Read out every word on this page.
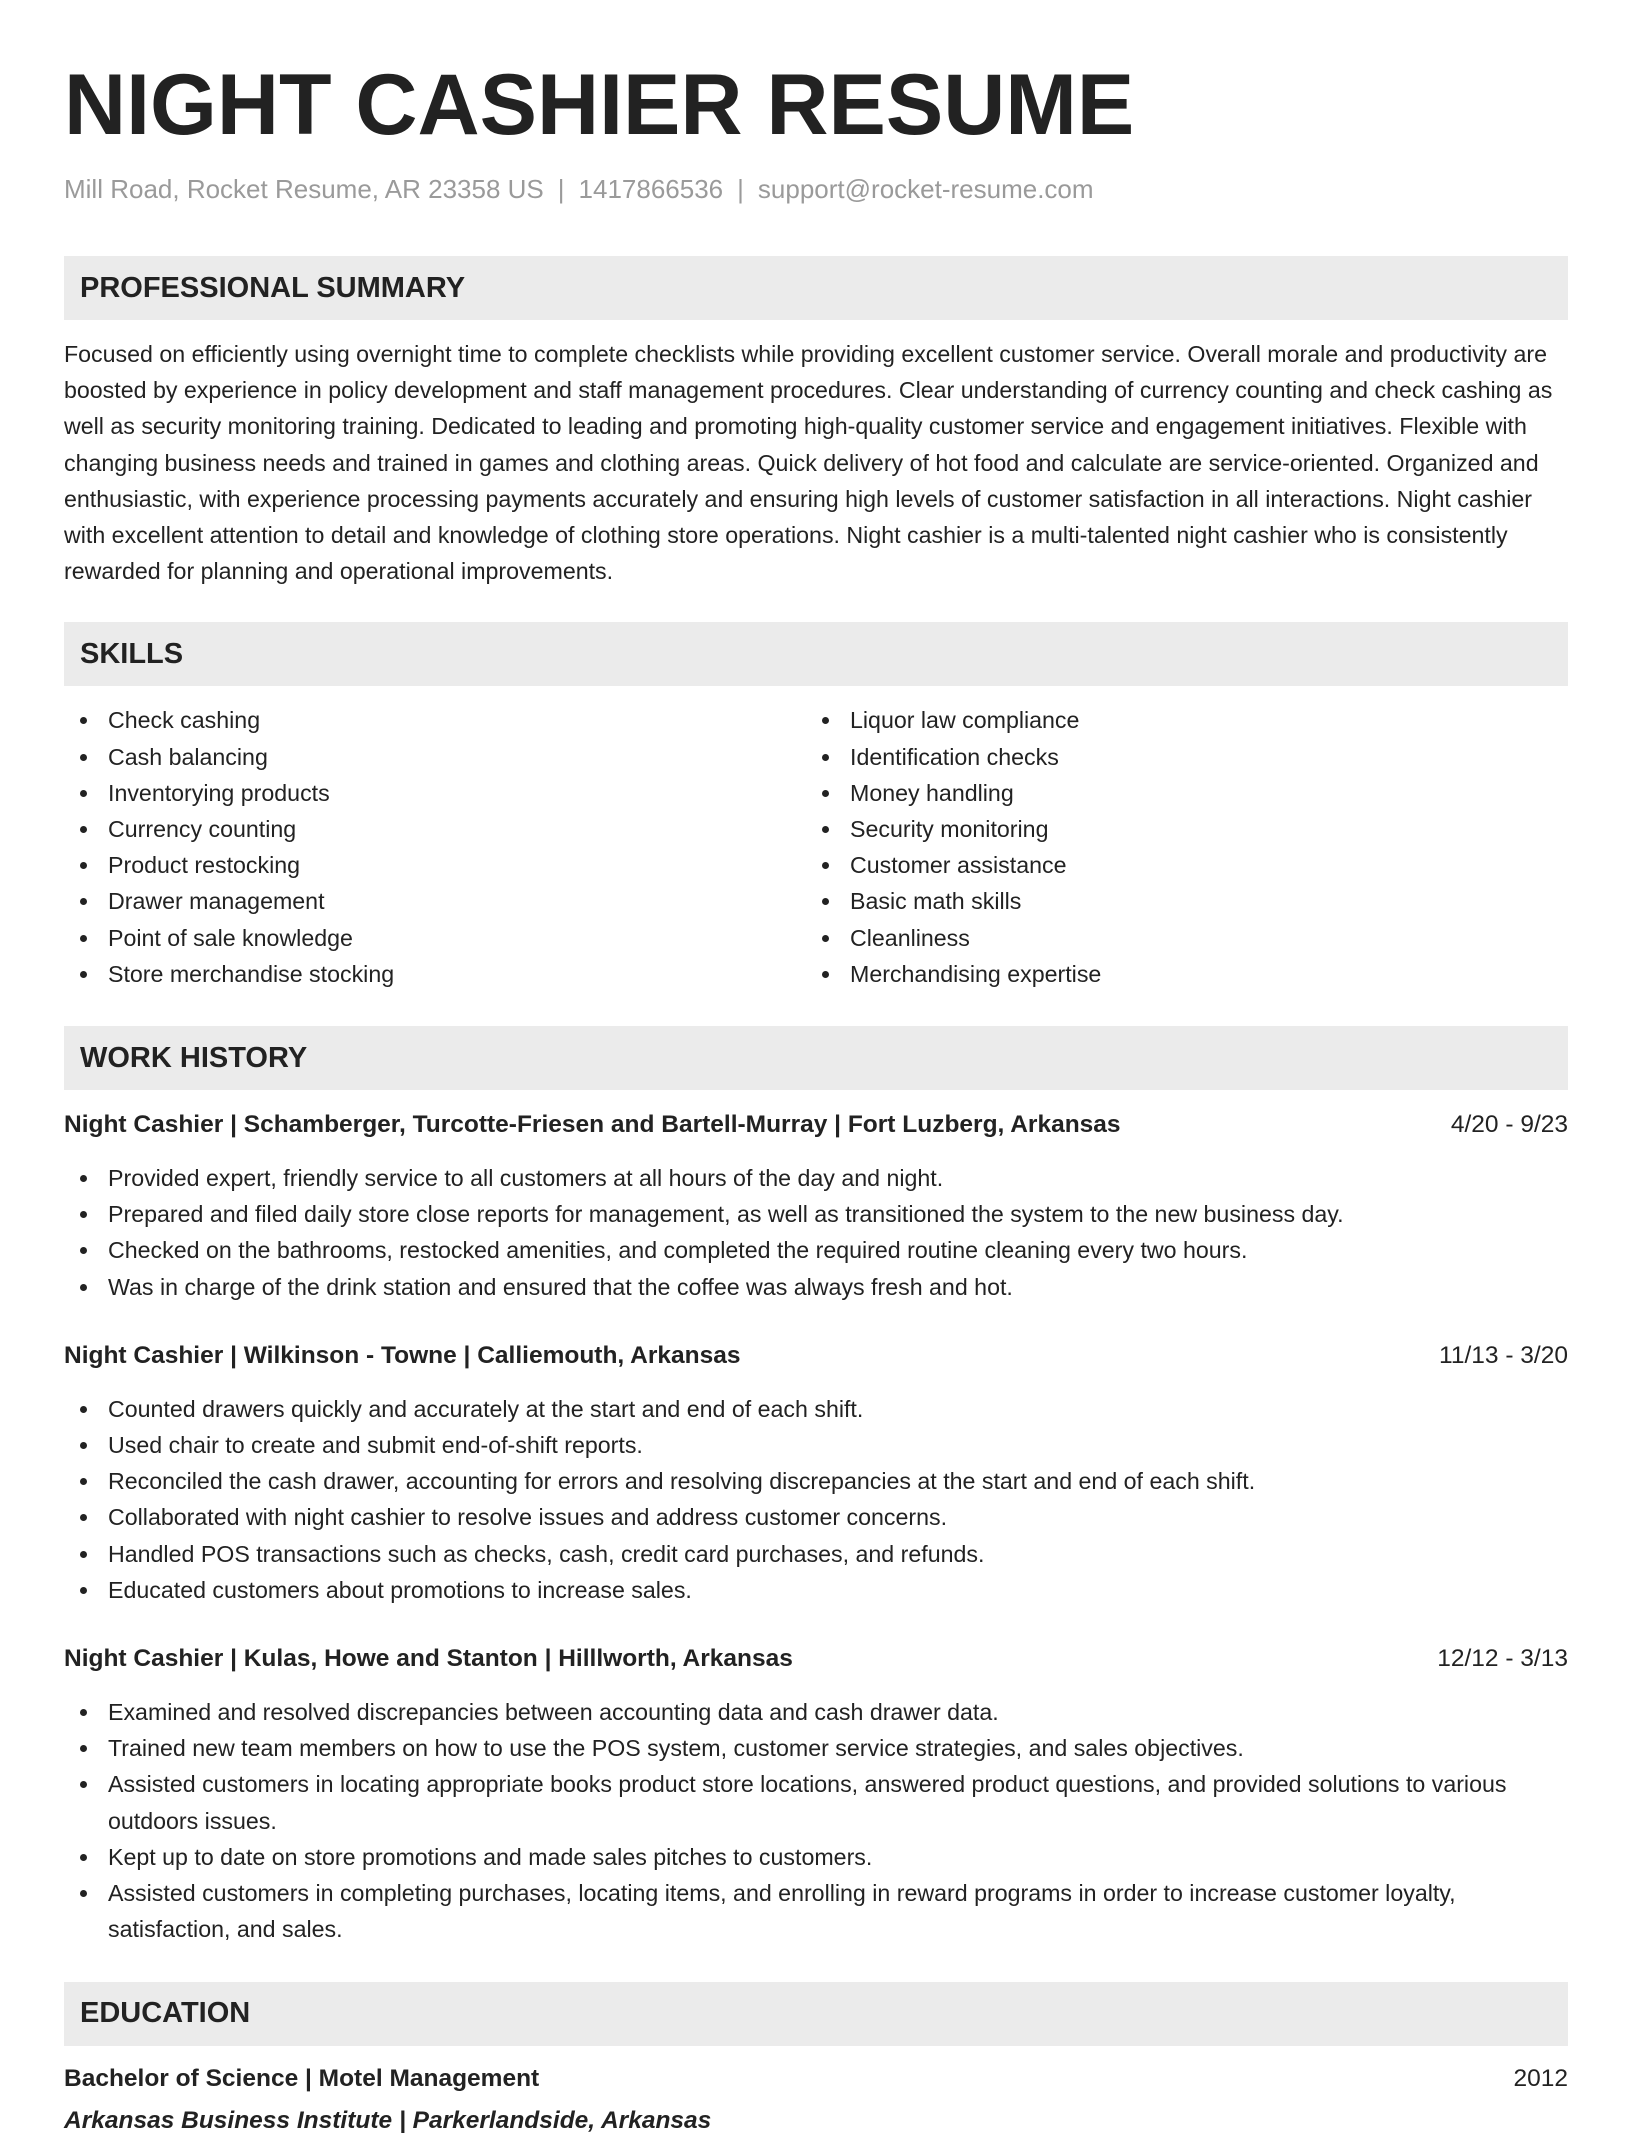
NIGHT CASHIER RESUME
Mill Road, Rocket Resume, AR 23358 US | 1417866536 | support@rocket-resume.com
PROFESSIONAL SUMMARY

Focused on efficiently using overnight time to complete checklists while providing excellent customer service. Overall morale and productivity are boosted by experience in policy development and staff management procedures. Clear understanding of currency counting and check cashing as well as security monitoring training. Dedicated to leading and promoting high-quality customer service and engagement initiatives. Flexible with changing business needs and trained in games and clothing areas. Quick delivery of hot food and calculate are service-oriented. Organized and enthusiastic, with experience processing payments accurately and ensuring high levels of customer satisfaction in all interactions. Night cashier with excellent attention to detail and knowledge of clothing store operations. Night cashier is a multi-talented night cashier who is consistently rewarded for planning and operational improvements.

SKILLS
Check cashing
Cash balancing
Inventorying products
Currency counting
Product restocking
Drawer management
Point of sale knowledge
Store merchandise stocking
Liquor law compliance
Identification checks
Money handling
Security monitoring
Customer assistance
Basic math skills
Cleanliness
Merchandising expertise
WORK HISTORY
Night Cashier | Schamberger, Turcotte-Friesen and Bartell-Murray | Fort Luzberg, Arkansas	4/20 - 9/23
Provided expert, friendly service to all customers at all hours of the day and night.
Prepared and filed daily store close reports for management, as well as transitioned the system to the new business day.
Checked on the bathrooms, restocked amenities, and completed the required routine cleaning every two hours.
Was in charge of the drink station and ensured that the coffee was always fresh and hot.
Night Cashier | Wilkinson - Towne | Calliemouth, Arkansas	11/13 - 3/20
Counted drawers quickly and accurately at the start and end of each shift.
Used chair to create and submit end-of-shift reports.
Reconciled the cash drawer, accounting for errors and resolving discrepancies at the start and end of each shift.
Collaborated with night cashier to resolve issues and address customer concerns.
Handled POS transactions such as checks, cash, credit card purchases, and refunds.
Educated customers about promotions to increase sales.
Night Cashier | Kulas, Howe and Stanton | Hilllworth, Arkansas	12/12 - 3/13
Examined and resolved discrepancies between accounting data and cash drawer data.
Trained new team members on how to use the POS system, customer service strategies, and sales objectives.
Assisted customers in locating appropriate books product store locations, answered product questions, and provided solutions to various outdoors issues.
Kept up to date on store promotions and made sales pitches to customers.
Assisted customers in completing purchases, locating items, and enrolling in reward programs in order to increase customer loyalty, satisfaction, and sales.
EDUCATION
Bachelor of Science | Motel Management	2012
Arkansas Business Institute | Parkerlandside, Arkansas
